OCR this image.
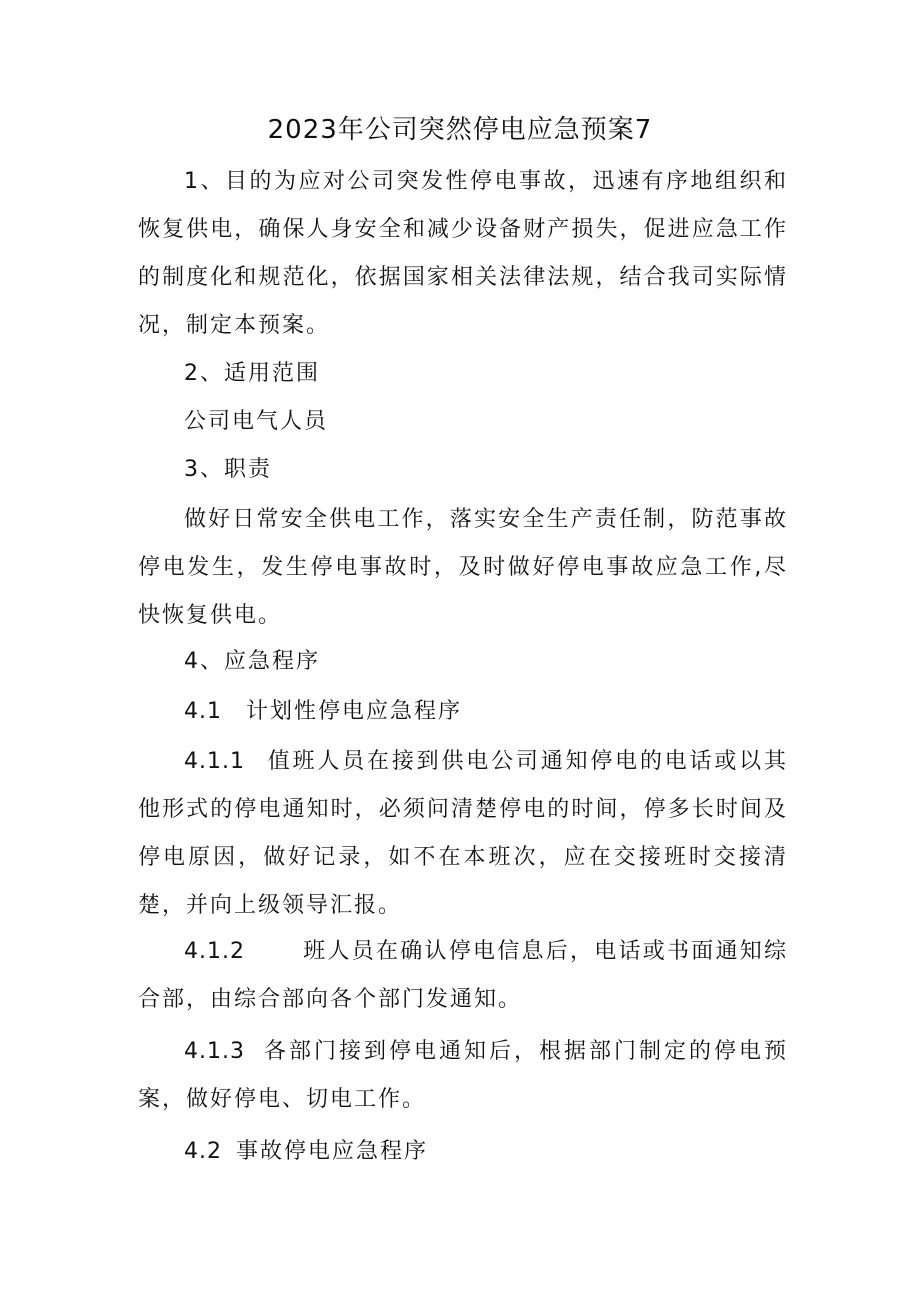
2023年公司突然停电应急预案7

1、目的为应对公司突发性停电事故，迅速有序地组织和恢复供电，确保人身安全和减少设备财产损失，促进应急工作的制度化和规范化，依据国家相关法律法规，结合我司实际情况，制定本预案。

2、适用范围

公司电气人员

3、职责

做好日常安全供电工作，落实安全生产责任制，防范事故停电发生，发生停电事故时，及时做好停电事故应急工作,尽快恢复供电。

4、应急程序

4.1 计划性停电应急程序

4.1.1 值班人员在接到供电公司通知停电的电话或以其他形式的停电通知时，必须问清楚停电的时间，停多长时间及停电原因，做好记录，如不在本班次，应在交接班时交接清楚，并向上级领导汇报。

4.1.2	班人员在确认停电信息后，电话或书面通知综合部，由综合部向各个部门发通知。

4.1.3 各部门接到停电通知后，根据部门制定的停电预案，做好停电、切电工作。

4.2 事故停电应急程序
